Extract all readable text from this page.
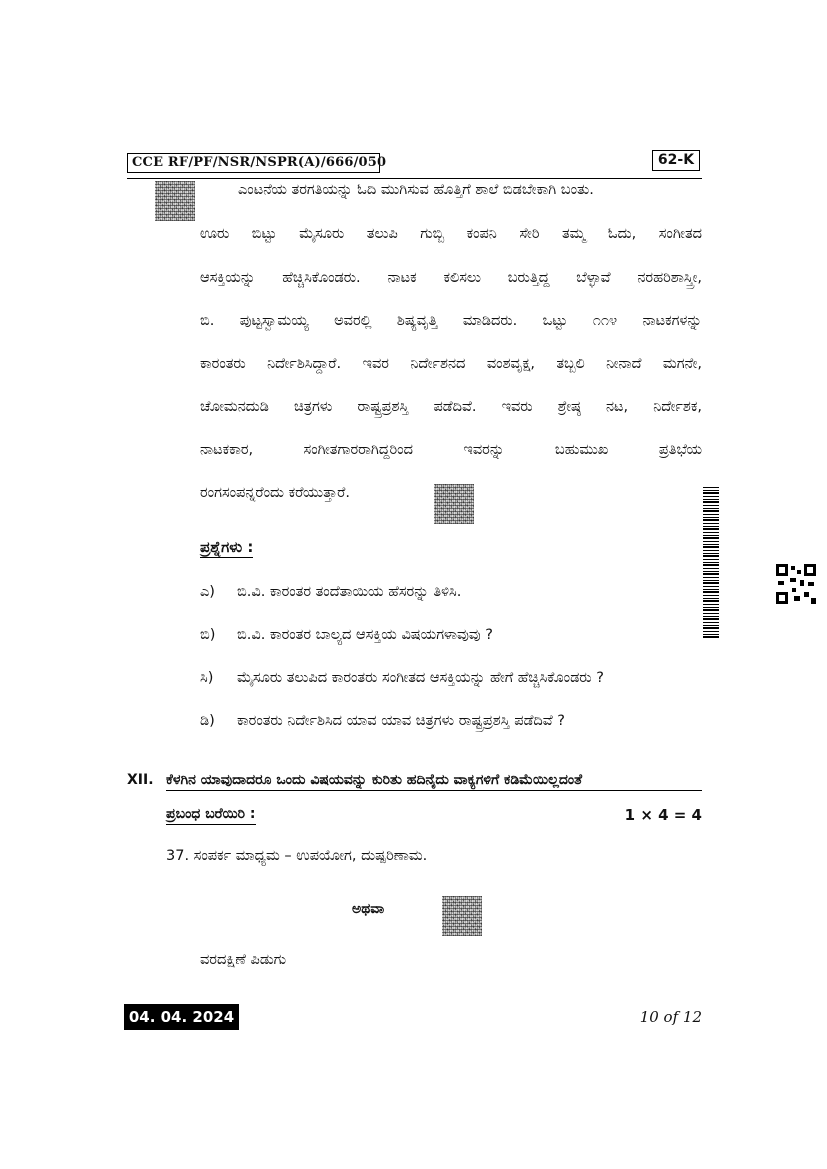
CCE RF/PF/NSR/NSPR(A)/666/050	62-K
ಎಂಟನೆಯ ತರಗತಿಯನ್ನು ಓದಿ ಮುಗಿಸುವ ಹೊತ್ತಿಗೆ ಶಾಲೆ ಬಿಡಬೇಕಾಗಿ ಬಂತು.
ಊರು ಬಿಟ್ಟು ಮೈಸೂರು ತಲುಪಿ ಗುಬ್ಬಿ ಕಂಪನಿ ಸೇರಿ ತಮ್ಮ ಓದು, ಸಂಗೀತದ
ಆಸಕ್ತಿಯನ್ನು ಹೆಚ್ಚಿಸಿಕೊಂಡರು. ನಾಟಕ ಕಲಿಸಲು ಬರುತ್ತಿದ್ದ ಬೆಳ್ಳಾವೆ ನರಹರಿಶಾಸ್ತ್ರೀ,
ಬಿ. ಪುಟ್ಟಸ್ವಾಮಯ್ಯ ಅವರಲ್ಲಿ ಶಿಷ್ಯವೃತ್ತಿ ಮಾಡಿದರು. ಒಟ್ಟು ೧೧೪ ನಾಟಕಗಳನ್ನು
ಕಾರಂತರು ನಿರ್ದೇಶಿಸಿದ್ದಾರೆ. ಇವರ ನಿರ್ದೇಶನದ ವಂಶವೃಕ್ಷ, ತಬ್ಬಲಿ ನೀನಾದೆ ಮಗನೇ,
ಚೋಮನದುಡಿ ಚಿತ್ರಗಳು ರಾಷ್ಟ್ರಪ್ರಶಸ್ತಿ ಪಡೆದಿವೆ. ಇವರು ಶ್ರೇಷ್ಠ ನಟ, ನಿರ್ದೇಶಕ,
ನಾಟಕಕಾರ, ಸಂಗೀತಗಾರರಾಗಿದ್ದರಿಂದ ಇವರನ್ನು ಬಹುಮುಖ ಪ್ರತಿಭೆಯ
ರಂಗಸಂಪನ್ನರೆಂದು ಕರೆಯುತ್ತಾರೆ.
ಪ್ರಶ್ನೆಗಳು :
ಎ) ಬಿ.ವಿ. ಕಾರಂತರ ತಂದೆತಾಯಿಯ ಹೆಸರನ್ನು ತಿಳಿಸಿ.
ಬಿ) ಬಿ.ವಿ. ಕಾರಂತರ ಬಾಲ್ಯದ ಆಸಕ್ತಿಯ ವಿಷಯಗಳಾವುವು ?
ಸಿ) ಮೈಸೂರು ತಲುಪಿದ ಕಾರಂತರು ಸಂಗೀತದ ಆಸಕ್ತಿಯನ್ನು ಹೇಗೆ ಹೆಚ್ಚಿಸಿಕೊಂಡರು ?
ಡಿ) ಕಾರಂತರು ನಿರ್ದೇಶಿಸಿದ ಯಾವ ಯಾವ ಚಿತ್ರಗಳು ರಾಷ್ಟ್ರಪ್ರಶಸ್ತಿ ಪಡೆದಿವೆ ?
XII. ಕೆಳಗಿನ ಯಾವುದಾದರೂ ಒಂದು ವಿಷಯವನ್ನು ಕುರಿತು ಹದಿನೈದು ವಾಕ್ಯಗಳಿಗೆ ಕಡಿಮೆಯಿಲ್ಲದಂತೆ
ಪ್ರಬಂಧ ಬರೆಯಿರಿ :	1 × 4 = 4
37. ಸಂಪರ್ಕ ಮಾಧ್ಯಮ – ಉಪಯೋಗ, ದುಷ್ಪರಿಣಾಮ.
ಅಥವಾ
ವರದಕ್ಷಿಣೆ ಪಿಡುಗು
04. 04. 2024	10 of 12
